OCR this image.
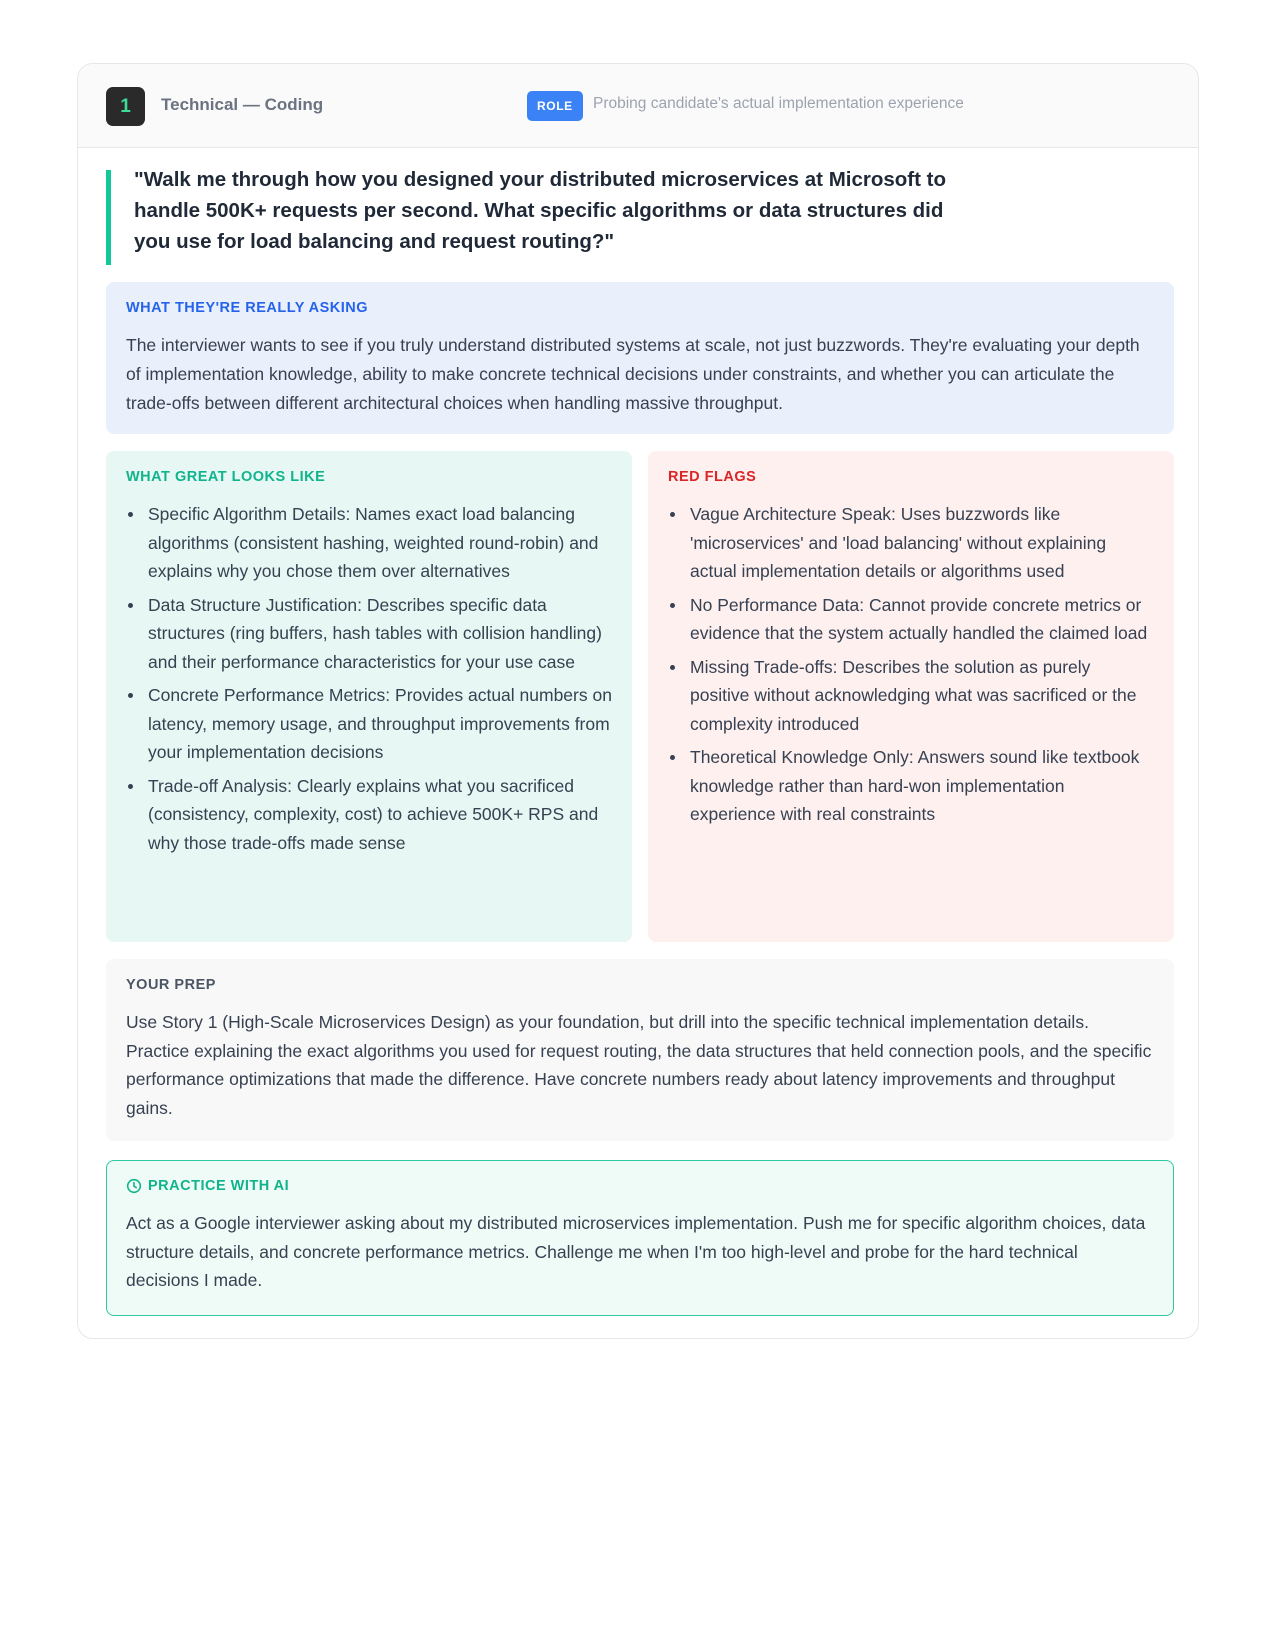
1	Technical — Coding	ROLE	Probing candidate's actual implementation experience
"Walk me through how you designed your distributed microservices at Microsoft to handle 500K+ requests per second. What specific algorithms or data structures did you use for load balancing and request routing?"
WHAT THEY'RE REALLY ASKING
The interviewer wants to see if you truly understand distributed systems at scale, not just buzzwords. They're evaluating your depth of implementation knowledge, ability to make concrete technical decisions under constraints, and whether you can articulate the trade-offs between different architectural choices when handling massive throughput.
WHAT GREAT LOOKS LIKE
Specific Algorithm Details: Names exact load balancing algorithms (consistent hashing, weighted round-robin) and explains why you chose them over alternatives
Data Structure Justification: Describes specific data structures (ring buffers, hash tables with collision handling) and their performance characteristics for your use case
Concrete Performance Metrics: Provides actual numbers on latency, memory usage, and throughput improvements from your implementation decisions
Trade-off Analysis: Clearly explains what you sacrificed (consistency, complexity, cost) to achieve 500K+ RPS and why those trade-offs made sense
RED FLAGS
Vague Architecture Speak: Uses buzzwords like 'microservices' and 'load balancing' without explaining actual implementation details or algorithms used
No Performance Data: Cannot provide concrete metrics or evidence that the system actually handled the claimed load
Missing Trade-offs: Describes the solution as purely positive without acknowledging what was sacrificed or the complexity introduced
Theoretical Knowledge Only: Answers sound like textbook knowledge rather than hard-won implementation experience with real constraints
YOUR PREP
Use Story 1 (High-Scale Microservices Design) as your foundation, but drill into the specific technical implementation details. Practice explaining the exact algorithms you used for request routing, the data structures that held connection pools, and the specific performance optimizations that made the difference. Have concrete numbers ready about latency improvements and throughput gains.
PRACTICE WITH AI
Act as a Google interviewer asking about my distributed microservices implementation. Push me for specific algorithm choices, data structure details, and concrete performance metrics. Challenge me when I'm too high-level and probe for the hard technical decisions I made.
